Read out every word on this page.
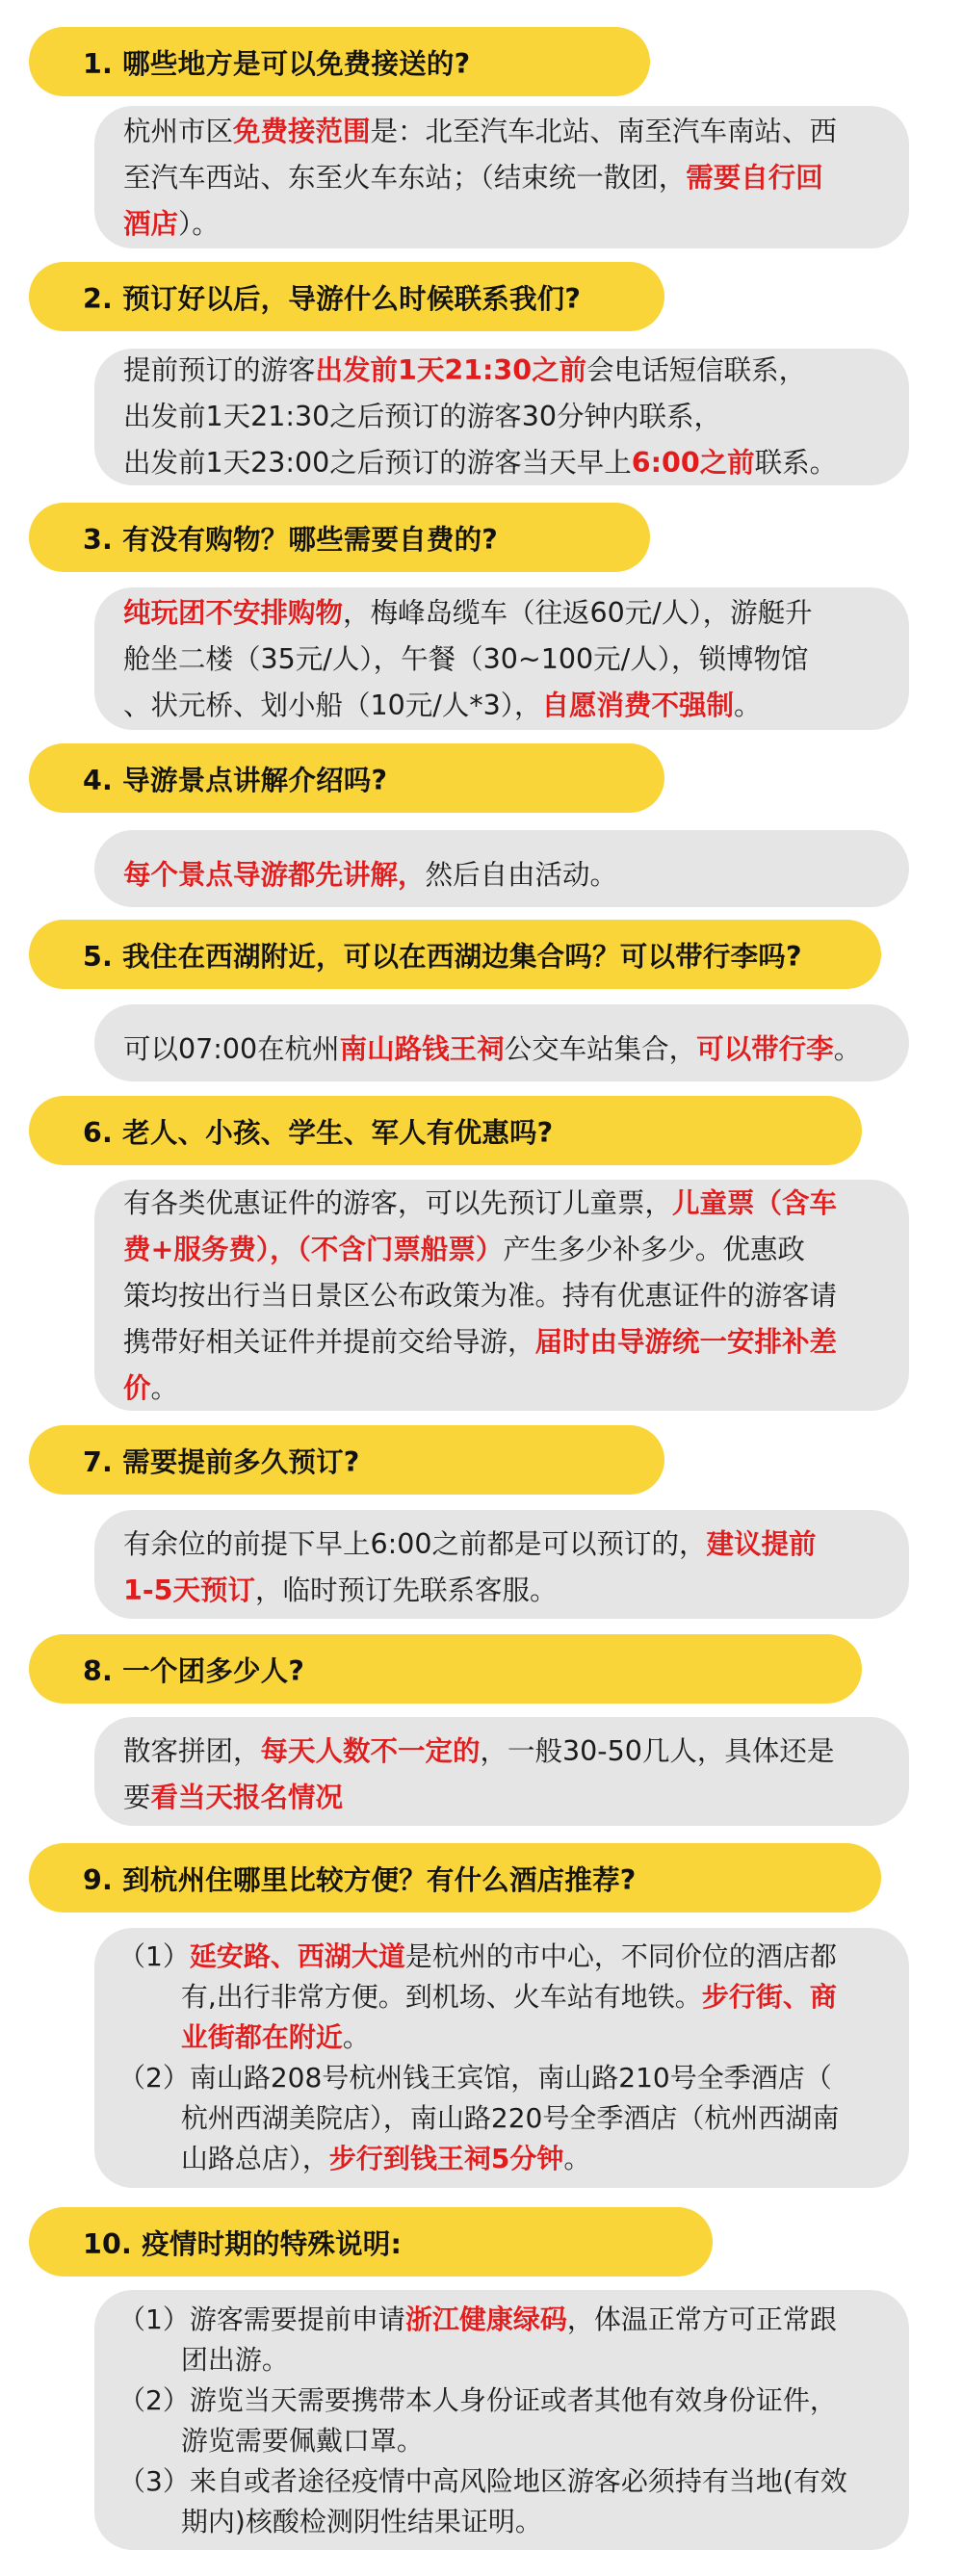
1. 哪些地方是可以免费接送的?
杭州市区免费接范围是：北至汽车北站、南至汽车南站、西
至汽车西站、东至火车东站；（结束统一散团，需要自行回
酒店）。
2. 预订好以后，导游什么时候联系我们?
提前预订的游客出发前1天21:30之前会电话短信联系，
出发前1天21:30之后预订的游客30分钟内联系，
出发前1天23:00之后预订的游客当天早上6:00之前联系。
3. 有没有购物？哪些需要自费的?
纯玩团不安排购物，梅峰岛缆车（往返60元/人），游艇升
舱坐二楼（35元/人），午餐（30~100元/人），锁博物馆
、状元桥、划小船（10元/人*3），自愿消费不强制。
4. 导游景点讲解介绍吗?
每个景点导游都先讲解，然后自由活动。
5. 我住在西湖附近，可以在西湖边集合吗？可以带行李吗?
可以07:00在杭州南山路钱王祠公交车站集合，可以带行李。
6. 老人、小孩、学生、军人有优惠吗?
有各类优惠证件的游客，可以先预订儿童票，儿童票（含车
费+服务费），（不含门票船票）产生多少补多少。优惠政
策均按出行当日景区公布政策为准。持有优惠证件的游客请
携带好相关证件并提前交给导游，届时由导游统一安排补差
价。
7. 需要提前多久预订?
有余位的前提下早上6:00之前都是可以预订的，建议提前
1-5天预订，临时预订先联系客服。
8. 一个团多少人?
散客拼团，每天人数不一定的，一般30-50几人，具体还是
要看当天报名情况
9. 到杭州住哪里比较方便？有什么酒店推荐?
（1）延安路、西湖大道是杭州的市中心，不同价位的酒店都
　　 有,出行非常方便。到机场、火车站有地铁。步行街、商
　　 业街都在附近。
（2）南山路208号杭州钱王宾馆，南山路210号全季酒店（
　　 杭州西湖美院店），南山路220号全季酒店（杭州西湖南
　　 山路总店），步行到钱王祠5分钟。
10. 疫情时期的特殊说明:
（1）游客需要提前申请浙江健康绿码，体温正常方可正常跟
　　 团出游。
（2）游览当天需要携带本人身份证或者其他有效身份证件，
　　 游览需要佩戴口罩。
（3）来自或者途径疫情中高风险地区游客必须持有当地(有效
　　 期内)核酸检测阴性结果证明。
